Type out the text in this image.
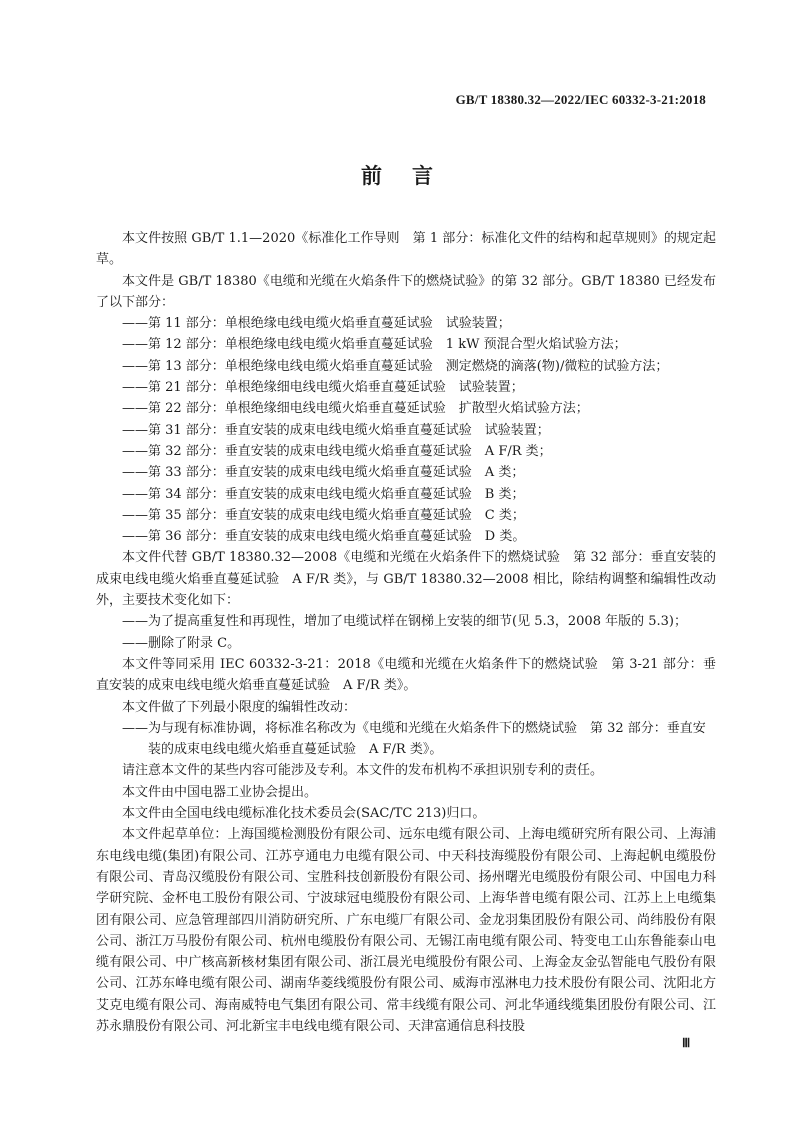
GB/T 18380.32—2022/IEC 60332-3-21:2018
前言

本文件按照 GB/T 1.1—2020《标准化工作导则　第 1 部分：标准化文件的结构和起草规则》的规定起草。

本文件是 GB/T 18380《电缆和光缆在火焰条件下的燃烧试验》的第 32 部分。GB/T 18380 已经发布了以下部分：

——第 11 部分：单根绝缘电线电缆火焰垂直蔓延试验　试验装置；

——第 12 部分：单根绝缘电线电缆火焰垂直蔓延试验　1 kW 预混合型火焰试验方法；

——第 13 部分：单根绝缘电线电缆火焰垂直蔓延试验　测定燃烧的滴落(物)/微粒的试验方法；

——第 21 部分：单根绝缘细电线电缆火焰垂直蔓延试验　试验装置；

——第 22 部分：单根绝缘细电线电缆火焰垂直蔓延试验　扩散型火焰试验方法；

——第 31 部分：垂直安装的成束电线电缆火焰垂直蔓延试验　试验装置；

——第 32 部分：垂直安装的成束电线电缆火焰垂直蔓延试验　A F/R 类；

——第 33 部分：垂直安装的成束电线电缆火焰垂直蔓延试验　A 类；

——第 34 部分：垂直安装的成束电线电缆火焰垂直蔓延试验　B 类；

——第 35 部分：垂直安装的成束电线电缆火焰垂直蔓延试验　C 类；

——第 36 部分：垂直安装的成束电线电缆火焰垂直蔓延试验　D 类。

本文件代替 GB/T 18380.32—2008《电缆和光缆在火焰条件下的燃烧试验　第 32 部分：垂直安装的成束电线电缆火焰垂直蔓延试验　A F/R 类》，与 GB/T 18380.32—2008 相比，除结构调整和编辑性改动外，主要技术变化如下：

——为了提高重复性和再现性，增加了电缆试样在钢梯上安装的细节(见 5.3，2008 年版的 5.3)；

——删除了附录 C。

本文件等同采用 IEC 60332-3-21：2018《电缆和光缆在火焰条件下的燃烧试验　第 3-21 部分：垂直安装的成束电线电缆火焰垂直蔓延试验　A F/R 类》。

本文件做了下列最小限度的编辑性改动：

——为与现有标准协调，将标准名称改为《电缆和光缆在火焰条件下的燃烧试验　第 32 部分：垂直安装的成束电线电缆火焰垂直蔓延试验　A F/R 类》。

请注意本文件的某些内容可能涉及专利。本文件的发布机构不承担识别专利的责任。

本文件由中国电器工业协会提出。

本文件由全国电线电缆标准化技术委员会(SAC/TC 213)归口。

本文件起草单位：上海国缆检测股份有限公司、远东电缆有限公司、上海电缆研究所有限公司、上海浦东电线电缆(集团)有限公司、江苏亨通电力电缆有限公司、中天科技海缆股份有限公司、上海起帆电缆股份有限公司、青岛汉缆股份有限公司、宝胜科技创新股份有限公司、扬州曙光电缆股份有限公司、中国电力科学研究院、金杯电工股份有限公司、宁波球冠电缆股份有限公司、上海华普电缆有限公司、江苏上上电缆集团有限公司、应急管理部四川消防研究所、广东电缆厂有限公司、金龙羽集团股份有限公司、尚纬股份有限公司、浙江万马股份有限公司、杭州电缆股份有限公司、无锡江南电缆有限公司、特变电工山东鲁能泰山电缆有限公司、中广核高新核材集团有限公司、浙江晨光电缆股份有限公司、上海金友金弘智能电气股份有限公司、江苏东峰电缆有限公司、湖南华菱线缆股份有限公司、威海市泓淋电力技术股份有限公司、沈阳北方艾克电缆有限公司、海南威特电气集团有限公司、常丰线缆有限公司、河北华通线缆集团股份有限公司、江苏永鼎股份有限公司、河北新宝丰电线电缆有限公司、天津富通信息科技股

Ⅲ
